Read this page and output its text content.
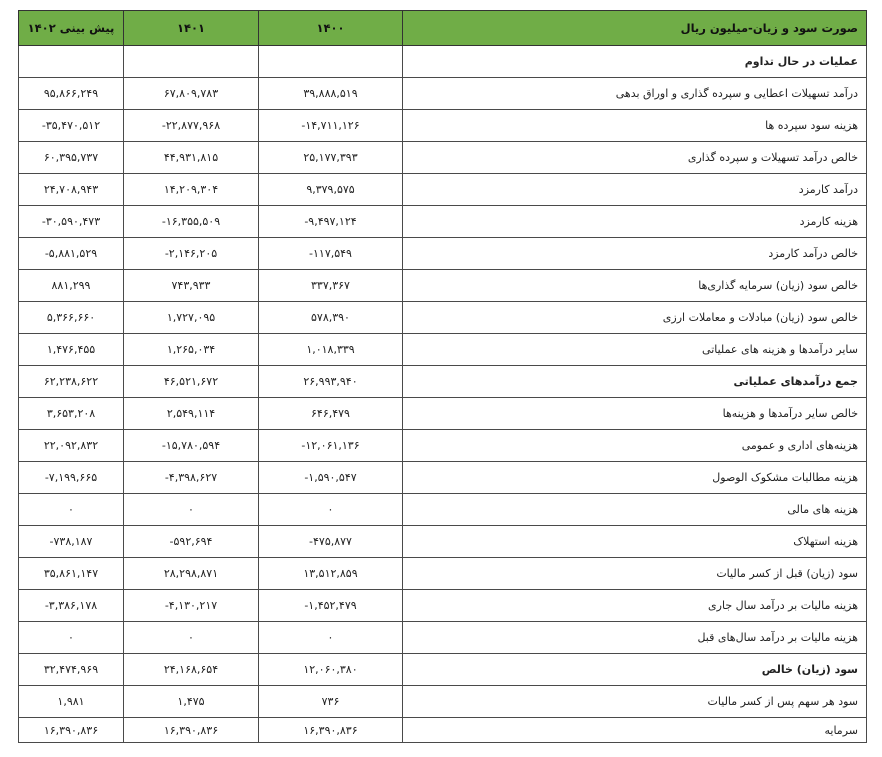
پیش بینی ۱۴۰۲	۱۴۰۱	۱۴۰۰	صورت سود و زیان-میلیون ریال
			عملیات در حال تداوم
۹۵,۸۶۶,۲۴۹	۶۷,۸۰۹,۷۸۳	۳۹,۸۸۸,۵۱۹	درآمد تسهیلات اعطایی و سپرده گذاری و اوراق بدهی
-۳۵,۴۷۰,۵۱۲	-۲۲,۸۷۷,۹۶۸	-۱۴,۷۱۱,۱۲۶	هزینه سود سپرده ها
۶۰,۳۹۵,۷۳۷	۴۴,۹۳۱,۸۱۵	۲۵,۱۷۷,۳۹۳	خالص درآمد تسهیلات و سپرده گذاری
۲۴,۷۰۸,۹۴۳	۱۴,۲۰۹,۳۰۴	۹,۳۷۹,۵۷۵	درآمد کارمزد
-۳۰,۵۹۰,۴۷۳	-۱۶,۳۵۵,۵۰۹	-۹,۴۹۷,۱۲۴	هزینه کارمزد
-۵,۸۸۱,۵۲۹	-۲,۱۴۶,۲۰۵	-۱۱۷,۵۴۹	خالص درآمد کارمزد
۸۸۱,۲۹۹	۷۴۳,۹۳۳	۳۳۷,۳۶۷	خالص سود (زیان) سرمایه گذاری‌ها
۵,۳۶۶,۶۶۰	۱,۷۲۷,۰۹۵	۵۷۸,۳۹۰	خالص سود (زیان) مبادلات و معاملات ارزی
۱,۴۷۶,۴۵۵	۱,۲۶۵,۰۳۴	۱,۰۱۸,۳۳۹	سایر درآمدها و هزینه های عملیاتی
۶۲,۲۳۸,۶۲۲	۴۶,۵۲۱,۶۷۲	۲۶,۹۹۳,۹۴۰	جمع درآمدهای عملیاتی
۳,۶۵۳,۲۰۸	۲,۵۴۹,۱۱۴	۶۴۶,۴۷۹	خالص سایر درآمدها و هزینه‌ها
۲۲,۰۹۲,۸۳۲	-۱۵,۷۸۰,۵۹۴	-۱۲,۰۶۱,۱۳۶	هزینه‌های اداری و عمومی
-۷,۱۹۹,۶۶۵	-۴,۳۹۸,۶۲۷	-۱,۵۹۰,۵۴۷	هزینه مطالبات مشکوک الوصول
۰	۰	۰	هزینه های مالی
-۷۳۸,۱۸۷	-۵۹۲,۶۹۴	-۴۷۵,۸۷۷	هزینه استهلاک
۳۵,۸۶۱,۱۴۷	۲۸,۲۹۸,۸۷۱	۱۳,۵۱۲,۸۵۹	سود (زیان) قبل از کسر مالیات
-۳,۳۸۶,۱۷۸	-۴,۱۳۰,۲۱۷	-۱,۴۵۲,۴۷۹	هزینه مالیات بر درآمد سال جاری
۰	۰	۰	هزینه مالیات بر درآمد سال‌های قبل
۳۲,۴۷۴,۹۶۹	۲۴,۱۶۸,۶۵۴	۱۲,۰۶۰,۳۸۰	سود (زیان) خالص
۱,۹۸۱	۱,۴۷۵	۷۳۶	سود هر سهم پس از کسر مالیات
۱۶,۳۹۰,۸۳۶	۱۶,۳۹۰,۸۳۶	۱۶,۳۹۰,۸۳۶	سرمایه
